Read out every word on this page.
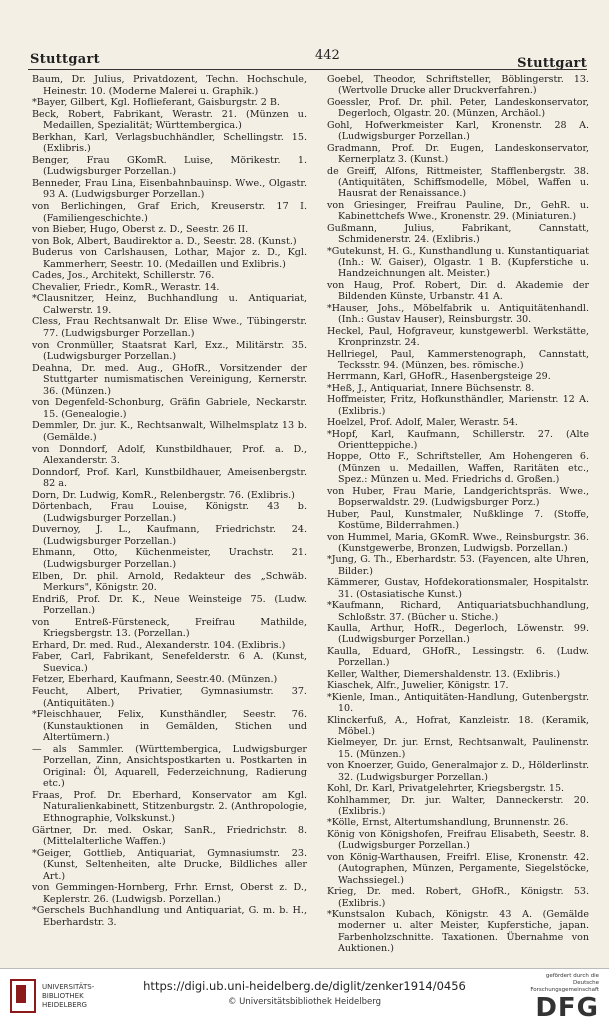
Stuttgart	442
Stuttgart

Baum, Dr. Julius, Privatdozent, Techn. Hochschule, Heinestr. 10. (Moderne Malerei u. Graphik.)

*Bayer, Gilbert, Kgl. Hoflieferant, Gaisburgstr. 2 B.

Beck, Robert, Fabrikant, Werastr. 21. (Münzen u. Medaillen, Spezialität; Württembergica.)

Berkhan, Karl, Verlagsbuchhändler, Schellingstr. 15. (Exlibris.)

Benger, Frau GKomR. Luise, Mörikestr. 1. (Ludwigsburger Porzellan.)

Benneder, Frau Lina, Eisenbahnbauinsp. Wwe., Olgastr. 93 A. (Ludwigsburger Porzellan.)

von Berlichingen, Graf Erich, Kreuserstr. 17 I. (Familiengeschichte.)

von Bieber, Hugo, Oberst z. D., Seestr. 26 II.

von Bok, Albert, Baudirektor a. D., Seestr. 28. (Kunst.)

Buderus von Carlshausen, Lothar, Major z. D., Kgl. Kammerherr, Seestr. 10. (Medaillen und Exlibris.)

Cades, Jos., Architekt, Schillerstr. 76.

Chevalier, Friedr., KomR., Werastr. 14.

*Clausnitzer, Heinz, Buchhandlung u. Antiquariat, Calwerstr. 19.

Cless, Frau Rechtsanwalt Dr. Elise Wwe., Tübingerstr. 77. (Ludwigsburger Porzellan.)

von Cronmüller, Staatsrat Karl, Exz., Militärstr. 35. (Ludwigsburger Porzellan.)

Deahna, Dr. med. Aug., GHofR., Vorsitzender der Stuttgarter numismatischen Vereinigung, Kernerstr. 36. (Münzen.)

von Degenfeld-Schonburg, Gräfin Gabriele, Neckarstr. 15. (Genealogie.)

Demmler, Dr. jur. K., Rechtsanwalt, Wilhelmsplatz 13 b. (Gemälde.)

von Donndorf, Adolf, Kunstbildhauer, Prof. a. D., Alexanderstr. 3.

Donndorf, Prof. Karl, Kunstbildhauer, Ameisenbergstr. 82 a.

Dorn, Dr. Ludwig, KomR., Relenbergstr. 76. (Exlibris.)

Dörtenbach, Frau Louise, Königstr. 43 b. (Ludwigsburger Porzellan.)

Duvernoy, J. L., Kaufmann, Friedrichstr. 24. (Ludwigsburger Porzellan.)

Ehmann, Otto, Küchenmeister, Urachstr. 21. (Ludwigsburger Porzellan.)

Elben, Dr. phil. Arnold, Redakteur des „Schwäb. Merkurs", Königstr. 20.

Endriß, Prof. Dr. K., Neue Weinsteige 75. (Ludw. Porzellan.)

von Entreß-Fürsteneck, Freifrau Mathilde, Kriegsbergstr. 13. (Porzellan.)

Erhard, Dr. med. Rud., Alexanderstr. 104. (Exlibris.)

Faber, Carl, Fabrikant, Senefelderstr. 6 A. (Kunst, Suevica.)

Fetzer, Eberhard, Kaufmann, Seestr.40. (Münzen.)

Feucht, Albert, Privatier, Gymnasiumstr. 37. (Antiquitäten.)

*Fleischhauer, Felix, Kunsthändler, Seestr. 76. (Kunstauktionen in Gemälden, Stichen und Altertümern.)

— als Sammler. (Württembergica, Ludwigsburger Porzellan, Zinn, Ansichtspostkarten u. Postkarten in Original: Öl, Aquarell, Federzeichnung, Radierung etc.)

Fraas, Prof. Dr. Eberhard, Konservator am Kgl. Naturalienkabinett, Stitzenburgstr. 2. (Anthropologie, Ethnographie, Volkskunst.)

Gärtner, Dr. med. Oskar, SanR., Friedrichstr. 8. (Mittelalterliche Waffen.)

*Geiger, Gottlieb, Antiquariat, Gymnasiumstr. 23. (Kunst, Seltenheiten, alte Drucke, Bildliches aller Art.)

von Gemmingen-Hornberg, Frhr. Ernst, Oberst z. D., Keplerstr. 26. (Ludwigsb. Porzellan.)

*Gerschels Buchhandlung und Antiquariat, G. m. b. H., Eberhardstr. 3.

Goebel, Theodor, Schriftsteller, Böblingerstr. 13. (Wertvolle Drucke aller Druckverfahren.)

Goessler, Prof. Dr. phil. Peter, Landeskonservator, Degerloch, Olgastr. 20. (Münzen, Archäol.)

Gohl, Hofwerkmeister Karl, Kronenstr. 28 A. (Ludwigsburger Porzellan.)

Gradmann, Prof. Dr. Eugen, Landeskonservator, Kernerplatz 3. (Kunst.)

de Greiff, Alfons, Rittmeister, Stafflenbergstr. 38. (Antiquitäten, Schiffsmodelle, Möbel, Waffen u. Hausrat der Renaissance.)

von Griesinger, Freifrau Pauline, Dr., GehR. u. Kabinettchefs Wwe., Kronenstr. 29. (Miniaturen.)

Gußmann, Julius, Fabrikant, Cannstatt, Schmidenerstr. 24. (Exlibris.)

*Gutekunst, H. G., Kunsthandlung u. Kunstantiquariat (Inh.: W. Gaiser), Olgastr. 1 B. (Kupferstiche u. Handzeichnungen alt. Meister.)

von Haug, Prof. Robert, Dir. d. Akademie der Bildenden Künste, Urbanstr. 41 A.

*Hauser, Johs., Möbelfabrik u. Antiquitätenhandl. (Inh.: Gustav Hauser), Reinsburgstr. 30.

Heckel, Paul, Hofgraveur, kunstgewerbl. Werkstätte, Kronprinzstr. 24.

Hellriegel, Paul, Kammerstenograph, Cannstatt, Tecksstr. 94. (Münzen, bes. römische.)

Herrmann, Karl, GHofR., Hasenbergsteige 29.

*Heß, J., Antiquariat, Innere Büchsenstr. 8.

Hoffmeister, Fritz, Hofkunsthändler, Marienstr. 12 A. (Exlibris.)

Hoelzel, Prof. Adolf, Maler, Werastr. 54.

*Hopf, Karl, Kaufmann, Schillerstr. 27. (Alte Orientteppiche.)

Hoppe, Otto F., Schriftsteller, Am Hohengeren 6. (Münzen u. Medaillen, Waffen, Raritäten etc., Spez.: Münzen u. Med. Friedrichs d. Großen.)

von Huber, Frau Marie, Landgerichtspräs. Wwe., Bopserwaldstr. 29. (Ludwigsburger Porz.)

Huber, Paul, Kunstmaler, Nußklinge 7. (Stoffe, Kostüme, Bilderrahmen.)

von Hummel, Maria, GKomR. Wwe., Reinsburgstr. 36. (Kunstgewerbe, Bronzen, Ludwigsb. Porzellan.)

*Jung, G. Th., Eberhardstr. 53. (Fayencen, alte Uhren, Bilder.)

Kämmerer, Gustav, Hofdekorationsmaler, Hospitalstr. 31. (Ostasiatische Kunst.)

*Kaufmann, Richard, Antiquariatsbuchhandlung, Schloßstr. 37. (Bücher u. Stiche.)

Kaulla, Arthur, HofR., Degerloch, Löwenstr. 99. (Ludwigsburger Porzellan.)

Kaulla, Eduard, GHofR., Lessingstr. 6. (Ludw. Porzellan.)

Keller, Walther, Diemershaldenstr. 13. (Exlibris.)

Kiaschek, Alfr., Juwelier, Königstr. 17.

*Kienle, Iman., Antiquitäten-Handlung, Gutenbergstr. 10.

Klinckerfuß, A., Hofrat, Kanzleistr. 18. (Keramik, Möbel.)

Kielmeyer, Dr. jur. Ernst, Rechtsanwalt, Paulinenstr. 15. (Münzen.)

von Knoerzer, Guido, Generalmajor z. D., Hölderlinstr. 32. (Ludwigsburger Porzellan.)

Kohl, Dr. Karl, Privatgelehrter, Kriegsbergstr. 15.

Kohlhammer, Dr. jur. Walter, Danneckerstr. 20. (Exlibris.)

*Kölle, Ernst, Altertumshandlung, Brunnenstr. 26.

König von Königshofen, Freifrau Elisabeth, Seestr. 8. (Ludwigsburger Porzellan.)

von König-Warthausen, Freifrl. Elise, Kronenstr. 42. (Autographen, Münzen, Pergamente, Siegelstöcke, Wachssiegel.)

Krieg, Dr. med. Robert, GHofR., Königstr. 53. (Exlibris.)

*Kunstsalon Kubach, Königstr. 43 A. (Gemälde moderner u. alter Meister, Kupferstiche, japan. Farbenholzschnitte. Taxationen. Übernahme von Auktionen.)

UNIVERSITÄTS-
BIBLIOTHEK
HEIDELBERG
https://digi.ub.uni-heidelberg.de/diglit/zenker1914/0456
© Universitätsbibliothek Heidelberg
gefördert durch die
Deutsche
Forschungsgemeinschaft
DFG
